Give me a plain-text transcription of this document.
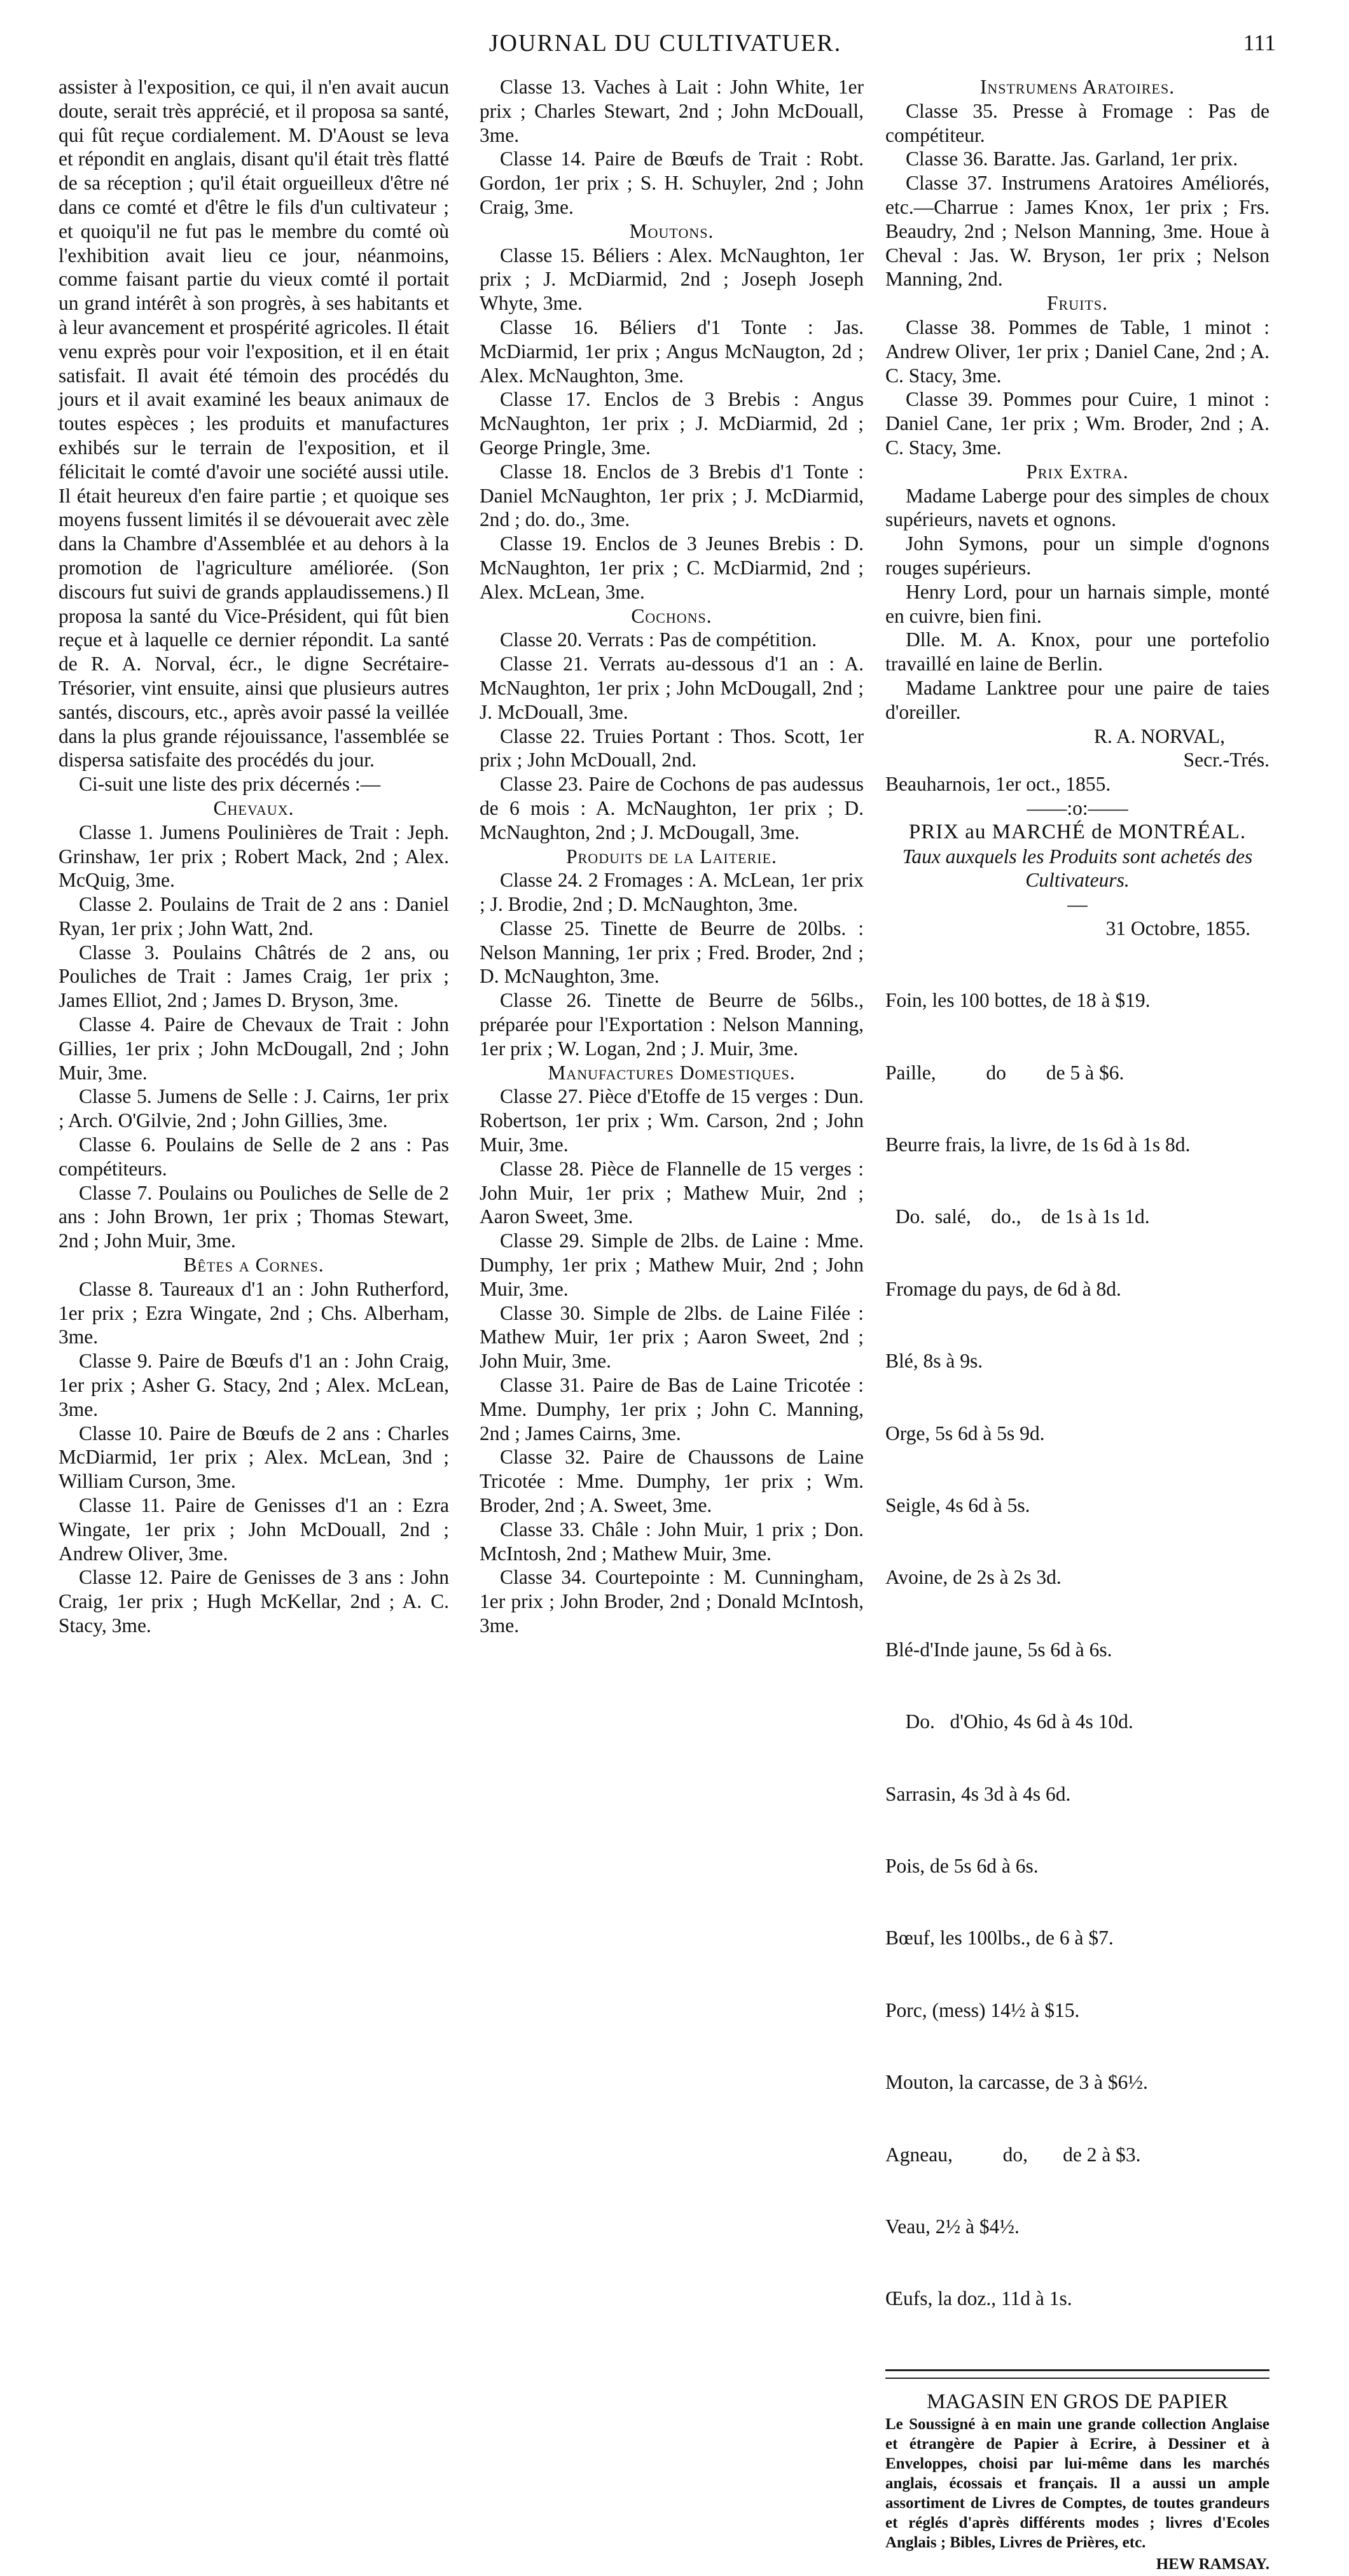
JOURNAL DU CULTIVATUER.	111

assister à l'exposition, ce qui, il n'en avait aucun doute, serait très apprécié, et il proposa sa santé, qui fût reçue cordialement. M. D'Aoust se leva et répondit en anglais, disant qu'il était très flatté de sa réception ; qu'il était orgueilleux d'être né dans ce comté et d'être le fils d'un cultivateur ; et quoiqu'il ne fut pas le membre du comté où l'exhibition avait lieu ce jour, néanmoins, comme faisant partie du vieux comté il portait un grand intérêt à son progrès, à ses habitants et à leur avancement et prospérité agricoles. Il était venu exprès pour voir l'exposition, et il en était satisfait. Il avait été témoin des procédés du jours et il avait examiné les beaux animaux de toutes espèces ; les produits et manufactures exhibés sur le terrain de l'exposition, et il félicitait le comté d'avoir une société aussi utile. Il était heureux d'en faire partie ; et quoique ses moyens fussent limités il se dévouerait avec zèle dans la Chambre d'Assemblée et au dehors à la promotion de l'agriculture améliorée. (Son discours fut suivi de grands applaudissemens.) Il proposa la santé du Vice-Président, qui fût bien reçue et à laquelle ce dernier répondit. La santé de R. A. Norval, écr., le digne Secrétaire-Trésorier, vint ensuite, ainsi que plusieurs autres santés, discours, etc., après avoir passé la veillée dans la plus grande réjouissance, l'assemblée se dispersa satisfaite des procédés du jour.

Ci-suit une liste des prix décernés :—

Chevaux.

Classe 1. Jumens Poulinières de Trait : Jeph. Grinshaw, 1er prix ; Robert Mack, 2nd ; Alex. McQuig, 3me.

Classe 2. Poulains de Trait de 2 ans : Daniel Ryan, 1er prix ; John Watt, 2nd.

Classe 3. Poulains Châtrés de 2 ans, ou Pouliches de Trait : James Craig, 1er prix ; James Elliot, 2nd ; James D. Bryson, 3me.

Classe 4. Paire de Chevaux de Trait : John Gillies, 1er prix ; John McDougall, 2nd ; John Muir, 3me.

Classe 5. Jumens de Selle : J. Cairns, 1er prix ; Arch. O'Gilvie, 2nd ; John Gillies, 3me.

Classe 6. Poulains de Selle de 2 ans : Pas compétiteurs.

Classe 7. Poulains ou Pouliches de Selle de 2 ans : John Brown, 1er prix ; Thomas Stewart, 2nd ; John Muir, 3me.

Bêtes a Cornes.

Classe 8. Taureaux d'1 an : John Rutherford, 1er prix ; Ezra Wingate, 2nd ; Chs. Alberham, 3me.

Classe 9. Paire de Bœufs d'1 an : John Craig, 1er prix ; Asher G. Stacy, 2nd ; Alex. McLean, 3me.

Classe 10. Paire de Bœufs de 2 ans : Charles McDiarmid, 1er prix ; Alex. McLean, 3nd ; William Curson, 3me.

Classe 11. Paire de Genisses d'1 an : Ezra Wingate, 1er prix ; John McDouall, 2nd ; Andrew Oliver, 3me.

Classe 12. Paire de Genisses de 3 ans : John Craig, 1er prix ; Hugh McKellar, 2nd ; A. C. Stacy, 3me.

Classe 13. Vaches à Lait : John White, 1er prix ; Charles Stewart, 2nd ; John McDouall, 3me.

Classe 14. Paire de Bœufs de Trait : Robt. Gordon, 1er prix ; S. H. Schuyler, 2nd ; John Craig, 3me.

Moutons.

Classe 15. Béliers : Alex. McNaughton, 1er prix ; J. McDiarmid, 2nd ; Joseph Joseph Whyte, 3me.

Classe 16. Béliers d'1 Tonte : Jas. McDiarmid, 1er prix ; Angus McNaugton, 2d ; Alex. McNaughton, 3me.

Classe 17. Enclos de 3 Brebis : Angus McNaughton, 1er prix ; J. McDiarmid, 2d ; George Pringle, 3me.

Classe 18. Enclos de 3 Brebis d'1 Tonte : Daniel McNaughton, 1er prix ; J. McDiarmid, 2nd ; do. do., 3me.

Classe 19. Enclos de 3 Jeunes Brebis : D. McNaughton, 1er prix ; C. McDiarmid, 2nd ; Alex. McLean, 3me.

Cochons.

Classe 20. Verrats : Pas de compétition.

Classe 21. Verrats au-dessous d'1 an : A. McNaughton, 1er prix ; John McDougall, 2nd ; J. McDouall, 3me.

Classe 22. Truies Portant : Thos. Scott, 1er prix ; John McDouall, 2nd.

Classe 23. Paire de Cochons de pas audessus de 6 mois : A. McNaughton, 1er prix ; D. McNaughton, 2nd ; J. McDougall, 3me.

Produits de la Laiterie.

Classe 24. 2 Fromages : A. McLean, 1er prix ; J. Brodie, 2nd ; D. McNaughton, 3me.

Classe 25. Tinette de Beurre de 20lbs. : Nelson Manning, 1er prix ; Fred. Broder, 2nd ; D. McNaughton, 3me.

Classe 26. Tinette de Beurre de 56lbs., préparée pour l'Exportation : Nelson Manning, 1er prix ; W. Logan, 2nd ; J. Muir, 3me.

Manufactures Domestiques.

Classe 27. Pièce d'Etoffe de 15 verges : Dun. Robertson, 1er prix ; Wm. Carson, 2nd ; John Muir, 3me.

Classe 28. Pièce de Flannelle de 15 verges : John Muir, 1er prix ; Mathew Muir, 2nd ; Aaron Sweet, 3me.

Classe 29. Simple de 2lbs. de Laine : Mme. Dumphy, 1er prix ; Mathew Muir, 2nd ; John Muir, 3me.

Classe 30. Simple de 2lbs. de Laine Filée : Mathew Muir, 1er prix ; Aaron Sweet, 2nd ; John Muir, 3me.

Classe 31. Paire de Bas de Laine Tricotée : Mme. Dumphy, 1er prix ; John C. Manning, 2nd ; James Cairns, 3me.

Classe 32. Paire de Chaussons de Laine Tricotée : Mme. Dumphy, 1er prix ; Wm. Broder, 2nd ; A. Sweet, 3me.

Classe 33. Châle : John Muir, 1 prix ; Don. McIntosh, 2nd ; Mathew Muir, 3me.

Classe 34. Courtepointe : M. Cunningham, 1er prix ; John Broder, 2nd ; Donald McIntosh, 3me.

Instrumens Aratoires.

Classe 35. Presse à Fromage : Pas de compétiteur.

Classe 36. Baratte. Jas. Garland, 1er prix.

Classe 37. Instrumens Aratoires Améliorés, etc.—Charrue : James Knox, 1er prix ; Frs. Beaudry, 2nd ; Nelson Manning, 3me. Houe à Cheval : Jas. W. Bryson, 1er prix ; Nelson Manning, 2nd.

Fruits.

Classe 38. Pommes de Table, 1 minot : Andrew Oliver, 1er prix ; Daniel Cane, 2nd ; A. C. Stacy, 3me.

Classe 39. Pommes pour Cuire, 1 minot : Daniel Cane, 1er prix ; Wm. Broder, 2nd ; A. C. Stacy, 3me.

Prix Extra.

Madame Laberge pour des simples de choux supérieurs, navets et ognons.

John Symons, pour un simple d'ognons rouges supérieurs.

Henry Lord, pour un harnais simple, monté en cuivre, bien fini.

Dlle. M. A. Knox, pour une portefolio travaillé en laine de Berlin.

Madame Lanktree pour une paire de taies d'oreiller.

R. A. NORVAL,

Secr.-Trés.

Beauharnois, 1er oct., 1855.

——:o:——

PRIX au MARCHÉ de MONTRÉAL.

Taux auxquels les Produits sont achetés des Cultivateurs.

—

31 Octobre, 1855.

Foin, les 100 bottes, de 18 à $19.

Paille,          do        de 5 à $6.

Beurre frais, la livre, de 1s 6d à 1s 8d.

Do.  salé,    do.,    de 1s à 1s 1d.

Fromage du pays, de 6d à 8d.

Blé, 8s à 9s.

Orge, 5s 6d à 5s 9d.

Seigle, 4s 6d à 5s.

Avoine, de 2s à 2s 3d.

Blé-d'Inde jaune, 5s 6d à 6s.

Do.   d'Ohio, 4s 6d à 4s 10d.

Sarrasin, 4s 3d à 4s 6d.

Pois, de 5s 6d à 6s.

Bœuf, les 100lbs., de 6 à $7.

Porc, (mess) 14½ à $15.

Mouton, la carcasse, de 3 à $6½.

Agneau,          do,       de 2 à $3.

Veau, 2½ à $4½.

Œufs, la doz., 11d à 1s.

MAGASIN EN GROS DE PAPIER

Le Soussigné à en main une grande collection Anglaise et étrangère de Papier à Ecrire, à Dessiner et à Enveloppes, choisi par lui-même dans les marchés anglais, écossais et français. Il a aussi un ample assortiment de Livres de Comptes, de toutes grandeurs et réglés d'après différents modes ; livres d'Ecoles Anglais ; Bibles, Livres de Prières, etc.

HEW RAMSAY.
